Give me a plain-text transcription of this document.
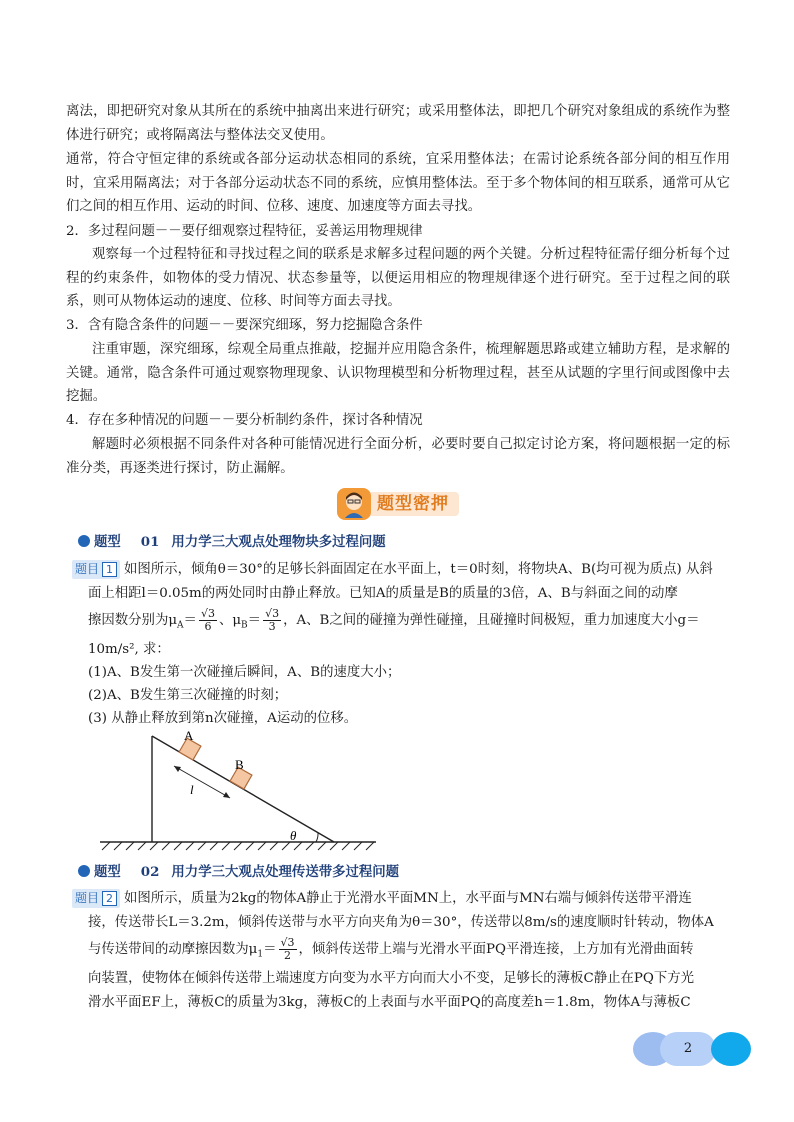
离法，即把研究对象从其所在的系统中抽离出来进行研究；或采用整体法，即把几个研究对象组成的系统作为整体进行研究；或将隔离法与整体法交叉使用。
通常，符合守恒定律的系统或各部分运动状态相同的系统，宜采用整体法；在需讨论系统各部分间的相互作用时，宜采用隔离法；对于各部分运动状态不同的系统，应慎用整体法。至于多个物体间的相互联系，通常可从它们之间的相互作用、运动的时间、位移、速度、加速度等方面去寻找。
2．多过程问题－－要仔细观察过程特征，妥善运用物理规律
观察每一个过程特征和寻找过程之间的联系是求解多过程问题的两个关键。分析过程特征需仔细分析每个过程的约束条件，如物体的受力情况、状态参量等，以便运用相应的物理规律逐个进行研究。至于过程之间的联系，则可从物体运动的速度、位移、时间等方面去寻找。
3．含有隐含条件的问题－－要深究细琢，努力挖掘隐含条件
注重审题，深究细琢，综观全局重点推敲，挖掘并应用隐含条件，梳理解题思路或建立辅助方程，是求解的关键。通常，隐含条件可通过观察物理现象、认识物理模型和分析物理过程，甚至从试题的字里行间或图像中去挖掘。
4．存在多种情况的问题－－要分析制约条件，探讨各种情况
解题时必须根据不同条件对各种可能情况进行全面分析，必要时要自己拟定讨论方案，将问题根据一定的标准分类，再逐类进行探讨，防止漏解。
题型密押
题型 01 用力学三大观点处理物块多过程问题
题目 1 如图所示，倾角θ＝30°的足够长斜面固定在水平面上，t＝0时刻，将物块A、B(均可视为质点) 从斜
面上相距l＝0.05m的两处同时由静止释放。已知A的质量是B的质量的3倍，A、B与斜面之间的动摩
擦因数分别为$\mu_A= \frac{√3}{6}$ 、$\mu_B= \frac{√3}{3}$ ，A、B之间的碰撞为弹性碰撞，且碰撞时间极短，重力加速度大小g＝
10m/s², 求：
(1)A、B发生第一次碰撞后瞬间，A、B的速度大小；
(2)A、B发生第三次碰撞的时刻；
(3) 从静止释放到第n次碰撞，A运动的位移。
A
B
l
θ
题型 02 用力学三大观点处理传送带多过程问题
题目 2 如图所示，质量为2kg的物体A静止于光滑水平面MN上，水平面与MN右端与倾斜传送带平滑连
接，传送带长L＝3.2m，倾斜传送带与水平方向夹角为θ＝30°，传送带以8m/s的速度顺时针转动，物体A
与传送带间的动摩擦因数为$\mu_1= \frac{√3}{2}$ ，倾斜传送带上端与光滑水平面PQ平滑连接，上方加有光滑曲面转
向装置，使物体在倾斜传送带上端速度方向变为水平方向而大小不变，足够长的薄板C静止在PQ下方光
滑水平面EF上，薄板C的质量为3kg，薄板C的上表面与水平面PQ的高度差h＝1.8m，物体A与薄板C
2
